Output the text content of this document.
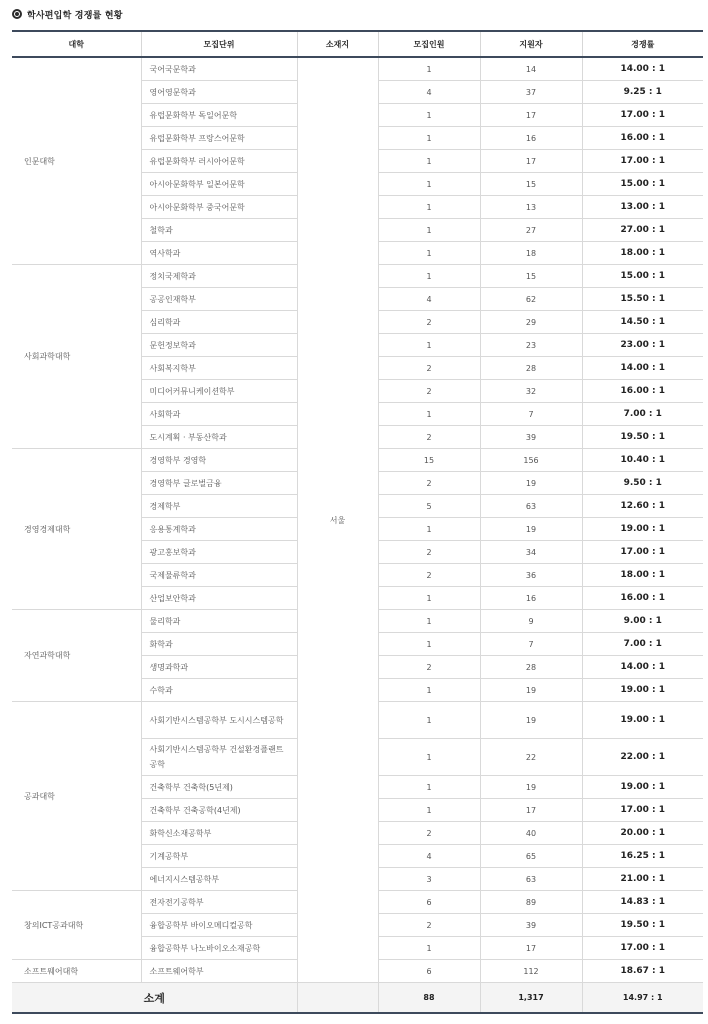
학사편입학 경쟁률 현황
대학	모집단위	소재지	모집인원	지원자	경쟁률
인문대학	국어국문학과	서울	1	14	14.00 : 1
	영어영문학과		4	37	9.25 : 1
	유럽문화학부 독일어문학		1	17	17.00 : 1
	유럽문화학부 프랑스어문학		1	16	16.00 : 1
	유럽문화학부 러시아어문학		1	17	17.00 : 1
	아시아문화학부 일본어문학		1	15	15.00 : 1
	아시아문화학부 중국어문학		1	13	13.00 : 1
	철학과		1	27	27.00 : 1
	역사학과		1	18	18.00 : 1
사회과학대학	정치국제학과		1	15	15.00 : 1
	공공인재학부		4	62	15.50 : 1
	심리학과		2	29	14.50 : 1
	문헌정보학과		1	23	23.00 : 1
	사회복지학부		2	28	14.00 : 1
	미디어커뮤니케이션학부		2	32	16.00 : 1
	사회학과		1	7	7.00 : 1
	도시계획 · 부동산학과		2	39	19.50 : 1
경영경제대학	경영학부 경영학		15	156	10.40 : 1
	경영학부 글로벌금융		2	19	9.50 : 1
	경제학부		5	63	12.60 : 1
	응용통계학과		1	19	19.00 : 1
	광고홍보학과		2	34	17.00 : 1
	국제물류학과		2	36	18.00 : 1
	산업보안학과		1	16	16.00 : 1
자연과학대학	물리학과		1	9	9.00 : 1
	화학과		1	7	7.00 : 1
	생명과학과		2	28	14.00 : 1
	수학과		1	19	19.00 : 1
공과대학	사회기반시스템공학부 도시시스템공학		1	19	19.00 : 1
	사회기반시스템공학부 건설환경플랜트공학		1	22	22.00 : 1
	건축학부 건축학(5년제)		1	19	19.00 : 1
	건축학부 건축공학(4년제)		1	17	17.00 : 1
	화학신소재공학부		2	40	20.00 : 1
	기계공학부		4	65	16.25 : 1
	에너지시스템공학부		3	63	21.00 : 1
창의ICT공과대학	전자전기공학부		6	89	14.83 : 1
	융합공학부 바이오메디컬공학		2	39	19.50 : 1
	융합공학부 나노바이오소재공학		1	17	17.00 : 1
소프트웨어대학	소프트웨어학부		6	112	18.67 : 1
소계			88	1,317	14.97 : 1
